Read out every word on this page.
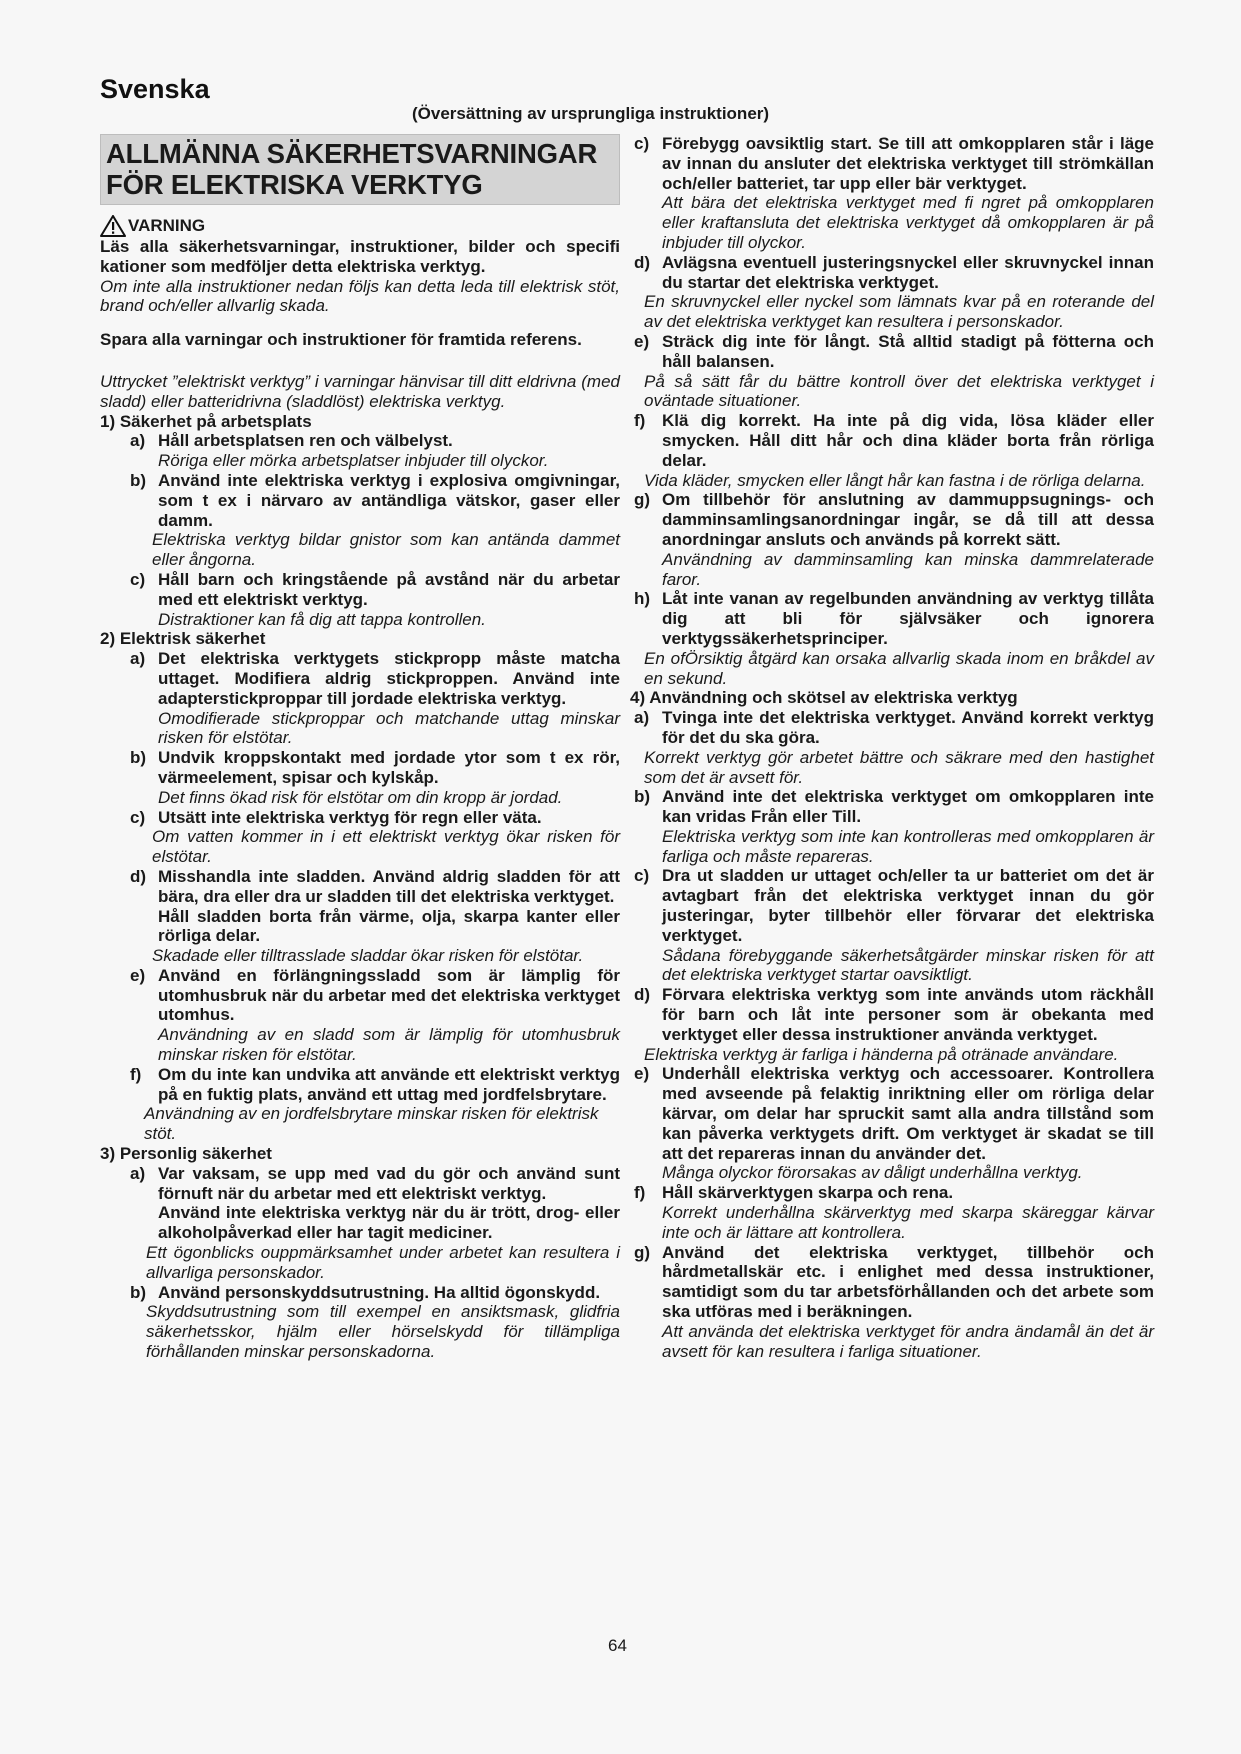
Svenska
(Översättning av ursprungliga instruktioner)
ALLMÄNNA SÄKERHETSVARNINGAR
FÖR ELEKTRISKA VERKTYG
VARNING

Läs alla säkerhetsvarningar, instruktioner, bilder och specifi kationer som medföljer detta elektriska verktyg.

Om inte alla instruktioner nedan följs kan detta leda till elektrisk stöt, brand och/eller allvarlig skada.

Spara alla varningar och instruktioner för framtida referens.

Uttrycket ”elektriskt verktyg” i varningar hänvisar till ditt eldrivna (med sladd) eller batteridrivna (sladdlöst) elektriska verktyg.

1) Säkerhet på arbetsplats

a) Håll arbetsplatsen ren och välbelyst.

Röriga eller mörka arbetsplatser inbjuder till olyckor.

b) Använd inte elektriska verktyg i explosiva omgivningar, som t ex i närvaro av antändliga vätskor, gaser eller damm.

Elektriska verktyg bildar gnistor som kan antända dammet eller ångorna.

c) Håll barn och kringstående på avstånd när du arbetar med ett elektriskt verktyg.

Distraktioner kan få dig att tappa kontrollen.

2) Elektrisk säkerhet

a) Det elektriska verktygets stickpropp måste matcha uttaget. Modifiera aldrig stickproppen. Använd inte adapterstickproppar till jordade elektriska verktyg.

Omodifierade stickproppar och matchande uttag minskar risken för elstötar.

b) Undvik kroppskontakt med jordade ytor som t ex rör, värmeelement, spisar och kylskåp.

Det finns ökad risk för elstötar om din kropp är jordad.

c) Utsätt inte elektriska verktyg för regn eller väta.

Om vatten kommer in i ett elektriskt verktyg ökar risken för elstötar.

d) Misshandla inte sladden. Använd aldrig sladden för att bära, dra eller dra ur sladden till det elektriska verktyget.

Håll sladden borta från värme, olja, skarpa kanter eller rörliga delar.

Skadade eller tilltrasslade sladdar ökar risken för elstötar.

e) Använd en förlängningssladd som är lämplig för utomhusbruk när du arbetar med det elektriska verktyget utomhus.

Användning av en sladd som är lämplig för utomhusbruk minskar risken för elstötar.

f) Om du inte kan undvika att använde ett elektriskt verktyg på en fuktig plats, använd ett uttag med jordfelsbrytare.

Användning av en jordfelsbrytare minskar risken för elektrisk stöt.

3) Personlig säkerhet

a) Var vaksam, se upp med vad du gör och använd sunt förnuft när du arbetar med ett elektriskt verktyg.

Använd inte elektriska verktyg när du är trött, drog- eller alkoholpåverkad eller har tagit mediciner.

Ett ögonblicks ouppmärksamhet under arbetet kan resultera i allvarliga personskador.

b) Använd personskyddsutrustning. Ha alltid ögonskydd.

Skyddsutrustning som till exempel en ansiktsmask, glidfria säkerhetsskor, hjälm eller hörselskydd för tillämpliga förhållanden minskar personskadorna.

c) Förebygg oavsiktlig start. Se till att omkopplaren står i läge av innan du ansluter det elektriska verktyget till strömkällan och/eller batteriet, tar upp eller bär verktyget.

Att bära det elektriska verktyget med fi ngret på omkopplaren eller kraftansluta det elektriska verktyget då omkopplaren är på inbjuder till olyckor.

d) Avlägsna eventuell justeringsnyckel eller skruvnyckel innan du startar det elektriska verktyget.

En skruvnyckel eller nyckel som lämnats kvar på en roterande del av det elektriska verktyget kan resultera i personskador.

e) Sträck dig inte för långt. Stå alltid stadigt på fötterna och håll balansen.

På så sätt får du bättre kontroll över det elektriska verktyget i oväntade situationer.

f) Klä dig korrekt. Ha inte på dig vida, lösa kläder eller smycken. Håll ditt hår och dina kläder borta från rörliga delar.

Vida kläder, smycken eller långt hår kan fastna i de rörliga delarna.

g) Om tillbehör för anslutning av dammuppsugnings- och damminsamlingsanordningar ingår, se då till att dessa anordningar ansluts och används på korrekt sätt.

Användning av damminsamling kan minska dammrelaterade faror.

h) Låt inte vanan av regelbunden användning av verktyg tillåta dig att bli för självsäker och ignorera verktygssäkerhetsprinciper.

En ofÖrsiktig åtgärd kan orsaka allvarlig skada inom en bråkdel av en sekund.

4) Användning och skötsel av elektriska verktyg

a) Tvinga inte det elektriska verktyget. Använd korrekt verktyg för det du ska göra.

Korrekt verktyg gör arbetet bättre och säkrare med den hastighet som det är avsett för.

b) Använd inte det elektriska verktyget om omkopplaren inte kan vridas Från eller Till.

Elektriska verktyg som inte kan kontrolleras med omkopplaren är farliga och måste repareras.

c) Dra ut sladden ur uttaget och/eller ta ur batteriet om det är avtagbart från det elektriska verktyget innan du gör justeringar, byter tillbehör eller förvarar det elektriska verktyget.

Sådana förebyggande säkerhetsåtgärder minskar risken för att det elektriska verktyget startar oavsiktligt.

d) Förvara elektriska verktyg som inte används utom räckhåll för barn och låt inte personer som är obekanta med verktyget eller dessa instruktioner använda verktyget.

Elektriska verktyg är farliga i händerna på otränade användare.

e) Underhåll elektriska verktyg och accessoarer. Kontrollera med avseende på felaktig inriktning eller om rörliga delar kärvar, om delar har spruckit samt alla andra tillstånd som kan påverka verktygets drift. Om verktyget är skadat se till att det repareras innan du använder det.

Många olyckor förorsakas av dåligt underhållna verktyg.

f) Håll skärverktygen skarpa och rena.

Korrekt underhållna skärverktyg med skarpa skäreggar kärvar inte och är lättare att kontrollera.

g) Använd det elektriska verktyget, tillbehör och hårdmetallskär etc. i enlighet med dessa instruktioner, samtidigt som du tar arbetsförhållanden och det arbete som ska utföras med i beräkningen.

Att använda det elektriska verktyget för andra ändamål än det är avsett för kan resultera i farliga situationer.

64
